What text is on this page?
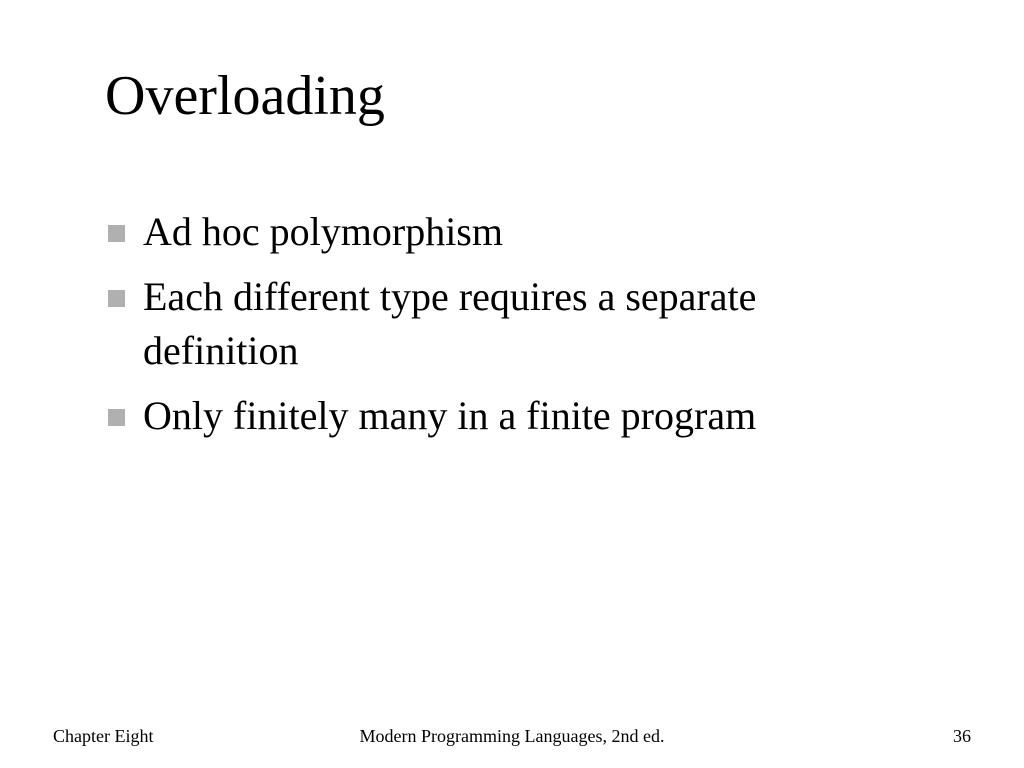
Overloading
Ad hoc polymorphism
Each different type requires a separate definition
Only finitely many in a finite program
Chapter Eight	Modern Programming Languages, 2nd ed.	36
